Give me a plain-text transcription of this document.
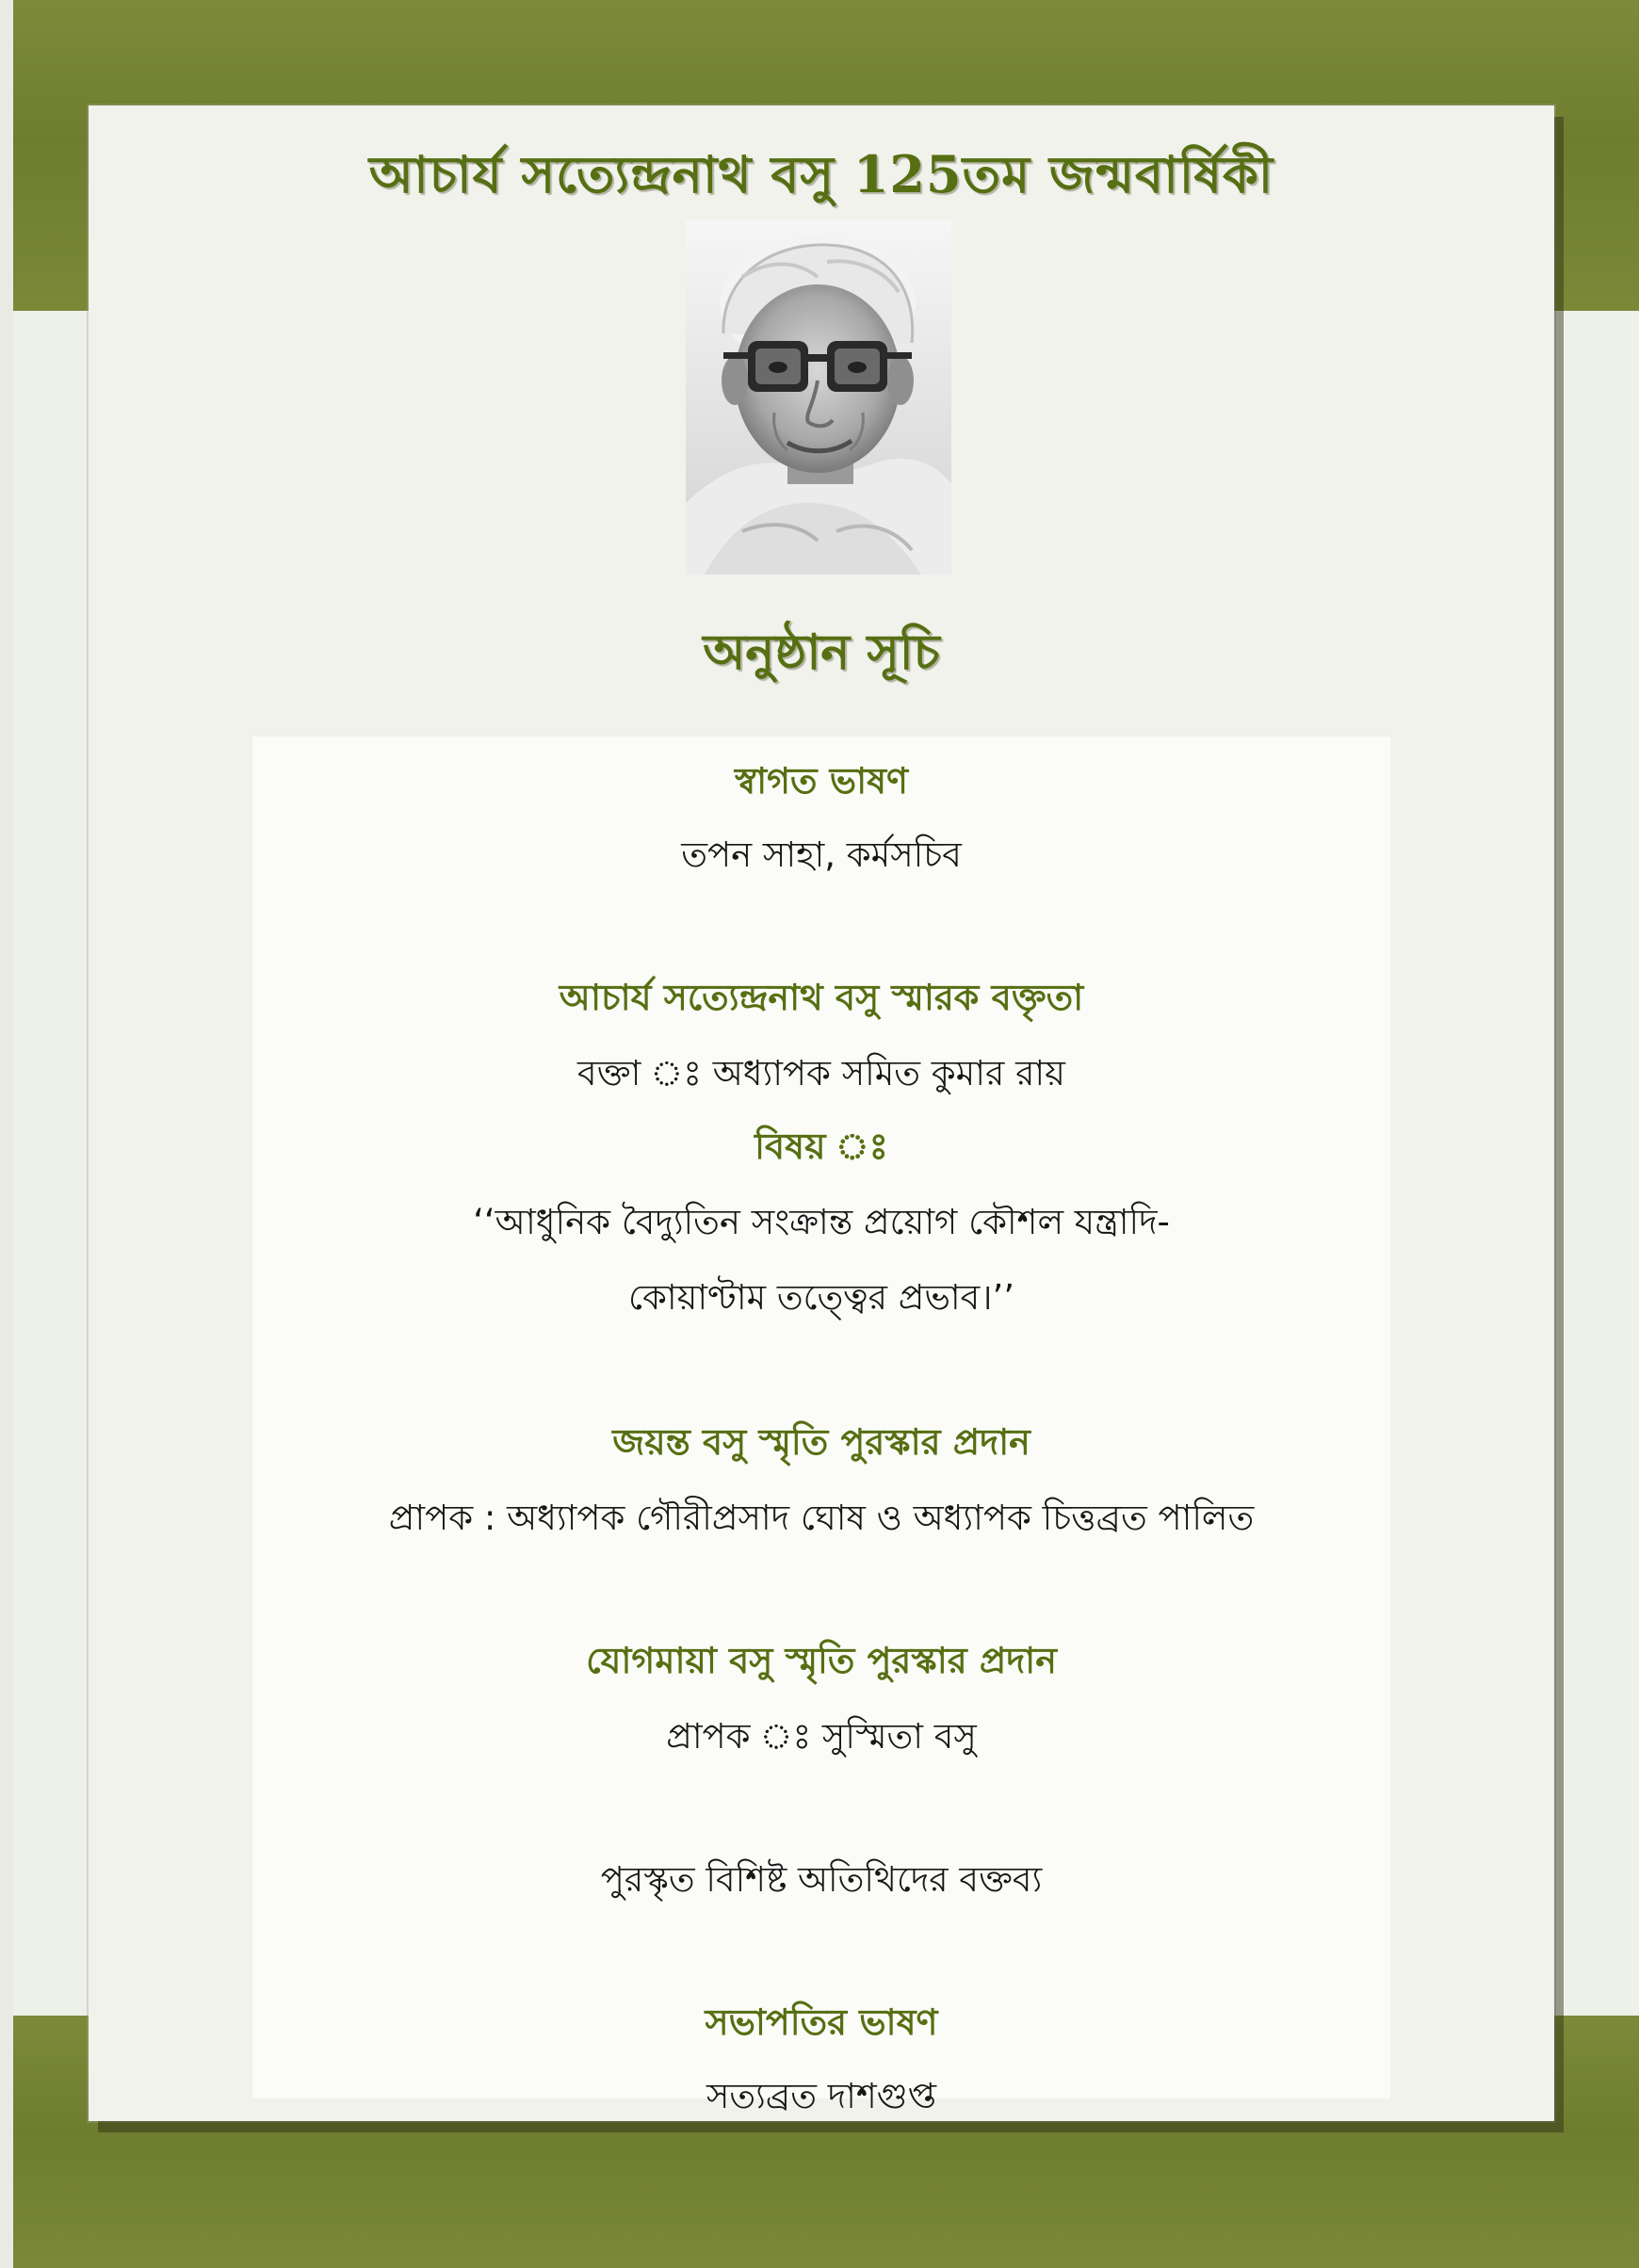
আচার্য সত্যেন্দ্রনাথ বসু 125তম জন্মবার্ষিকী
অনুষ্ঠান সূচি
স্বাগত ভাষণ
তপন সাহা, কর্মসচিব
আচার্য সত্যেন্দ্রনাথ বসু স্মারক বক্তৃতা
বক্তা ঃ অধ্যাপক সমিত কুমার রায়
বিষয় ঃ
‘‘আধুনিক বৈদ্যুতিন সংক্রান্ত প্রয়োগ কৌশল যন্ত্রাদি-
কোয়াণ্টাম তত্ত্বের প্রভাব।’’
জয়ন্ত বসু স্মৃতি পুরস্কার প্রদান
প্রাপক : অধ্যাপক গৌরীপ্রসাদ ঘোষ ও অধ্যাপক চিত্তব্রত পালিত
যোগমায়া বসু স্মৃতি পুরস্কার প্রদান
প্রাপক ঃ সুস্মিতা বসু
পুরস্কৃত বিশিষ্ট অতিথিদের বক্তব্য
সভাপতির ভাষণ
সত্যব্রত দাশগুপ্ত
